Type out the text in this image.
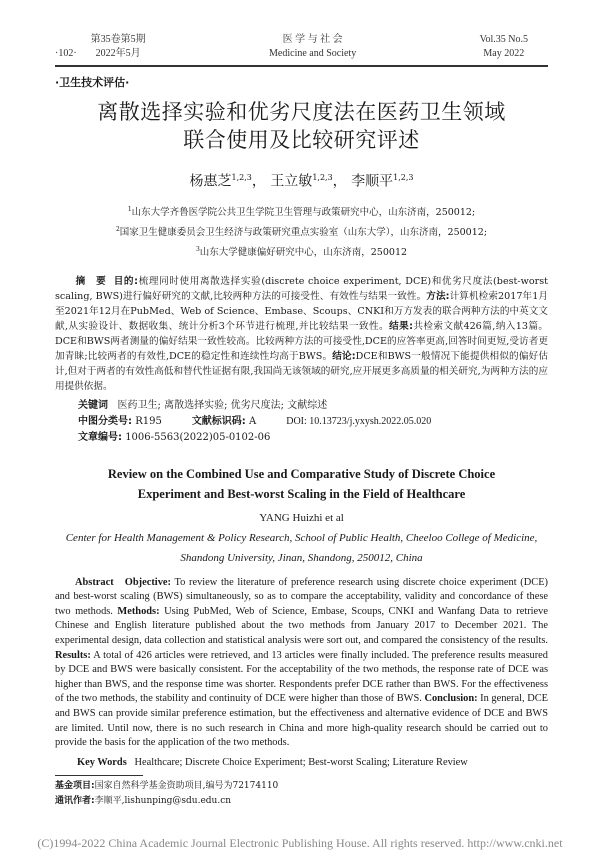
·102·
第35卷第5期
2022年5月
医 学 与 社 会
Medicine and Society
Vol.35 No.5
May 2022
·卫生技术评估·
离散选择实验和优劣尺度法在医药卫生领域
联合使用及比较研究评述
杨惠芝$^{1,2,3}$， 王立敏$^{1,2,3}$， 李顺平$^{1,2,3}$
$^1$山东大学齐鲁医学院公共卫生学院卫生管理与政策研究中心，山东济南，250012;
$^2$国家卫生健康委员会卫生经济与政策研究重点实验室（山东大学），山东济南，250012;
$^3$山东大学健康偏好研究中心，山东济南，250012
摘　要 目的:梳理同时使用离散选择实验(discrete choice experiment, DCE)和优劣尺度法(best-worst scaling, BWS)进行偏好研究的文献,比较两种方法的可接受性、有效性与结果一致性。方法:计算机检索2017年1月至2021年12月在PubMed、Web of Science、Embase、Scoups、CNKI和万方发表的联合两种方法的中英文文献,从实验设计、数据收集、统计分析3个环节进行梳理,并比较结果一致性。结果:共检索文献426篇,纳入13篇。DCE和BWS两者测量的偏好结果一致性较高。比较两种方法的可接受性,DCE的应答率更高,回答时间更短,受访者更加青睐;比较两者的有效性,DCE的稳定性和连续性均高于BWS。结论:DCE和BWS一般情况下能提供相似的偏好估计,但对于两者的有效性高低和替代性证据有限,我国尚无该领域的研究,应开展更多高质量的相关研究,为两种方法的应用提供依据。
关键词 医药卫生; 离散选择实验; 优劣尺度法; 文献综述
中图分类号: R195	文献标识码: A	DOI: 10.13723/j.yxysh.2022.05.020
文章编号: 1006-5563(2022)05-0102-06
Review on the Combined Use and Comparative Study of Discrete Choice
Experiment and Best-worst Scaling in the Field of Healthcare
YANG Huizhi et al
Center for Health Management & Policy Research, School of Public Health, Cheeloo College of Medicine,
Shandong University, Jinan, Shandong, 250012, China
Abstract Objective: To review the literature of preference research using discrete choice experiment (DCE) and best-worst scaling (BWS) simultaneously, so as to compare the acceptability, validity and concordance of these two methods. Methods: Using PubMed, Web of Science, Embase, Scoups, CNKI and Wanfang Data to retrieve Chinese and English literature published about the two methods from January 2017 to December 2021. The experimental design, data collection and statistical analysis were sort out, and compared the consistency of the results. Results: A total of 426 articles were retrieved, and 13 articles were finally included. The preference results measured by DCE and BWS were basically consistent. For the acceptability of the two methods, the response rate of DCE was higher than BWS, and the response time was shorter. Respondents prefer DCE rather than BWS. For the effectiveness of the two methods, the stability and continuity of DCE were higher than those of BWS. Conclusion: In general, DCE and BWS can provide similar preference estimation, but the effectiveness and alternative evidence of DCE and BWS are limited. Until now, there is no such research in China and more high-quality research should be carried out to provide the basis for the application of the two methods.
Key Words Healthcare; Discrete Choice Experiment; Best-worst Scaling; Literature Review
基金项目:国家自然科学基金资助项目,编号为72174110
通讯作者:李顺平,lishunping@sdu.edu.cn
(C)1994-2022 China Academic Journal Electronic Publishing House. All rights reserved. http://www.cnki.net
